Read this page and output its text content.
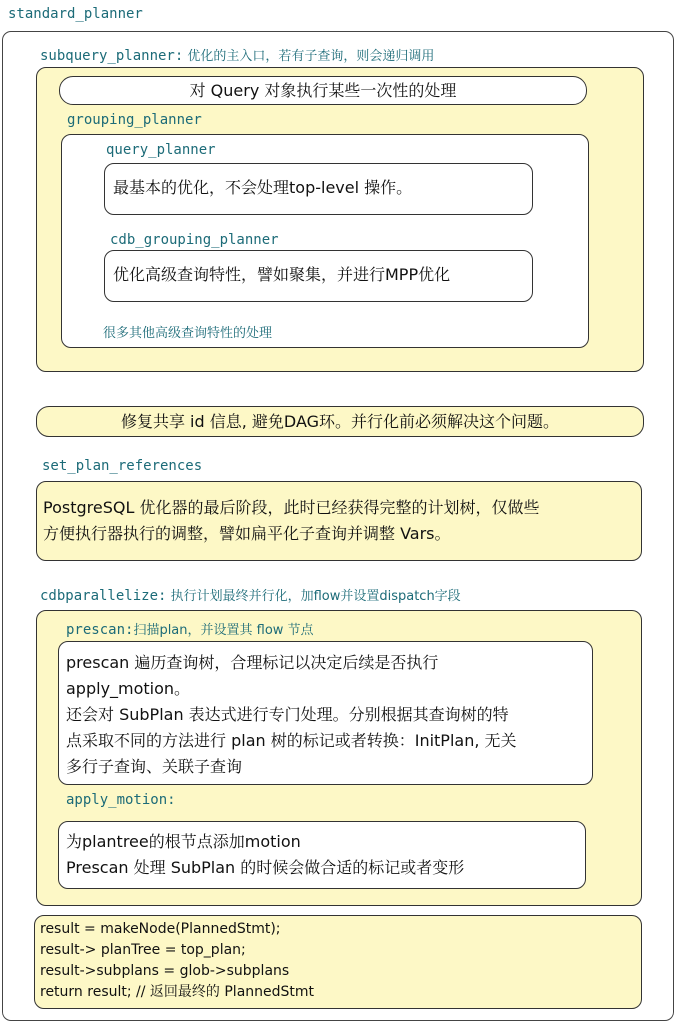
standard_planner
subquery_planner: 优化的主入口，若有子查询，则会递归调用
对 Query 对象执行某些一次性的处理
grouping_planner
query_planner
最基本的优化，不会处理top-level 操作。
cdb_grouping_planner
优化高级查询特性，譬如聚集，并进行MPP优化
很多其他高级查询特性的处理
修复共享 id 信息, 避免DAG环。并行化前必须解决这个问题。
set_plan_references
PostgreSQL 优化器的最后阶段，此时已经获得完整的计划树，仅做些
方便执行器执行的调整，譬如扁平化子查询并调整 Vars。
cdbparallelize: 执行计划最终并行化，加flow并设置dispatch字段
prescan:扫描plan，并设置其 flow 节点
prescan 遍历查询树，合理标记以决定后续是否执行
apply_motion。
还会对 SubPlan 表达式进行专门处理。分别根据其查询树的特
点采取不同的方法进行 plan 树的标记或者转换：InitPlan, 无关
多行子查询、关联子查询
apply_motion:
为plantree的根节点添加motion
Prescan 处理 SubPlan 的时候会做合适的标记或者变形
result = makeNode(PlannedStmt);
result-> planTree = top_plan;
result->subplans = glob->subplans
return result; // 返回最终的 PlannedStmt
